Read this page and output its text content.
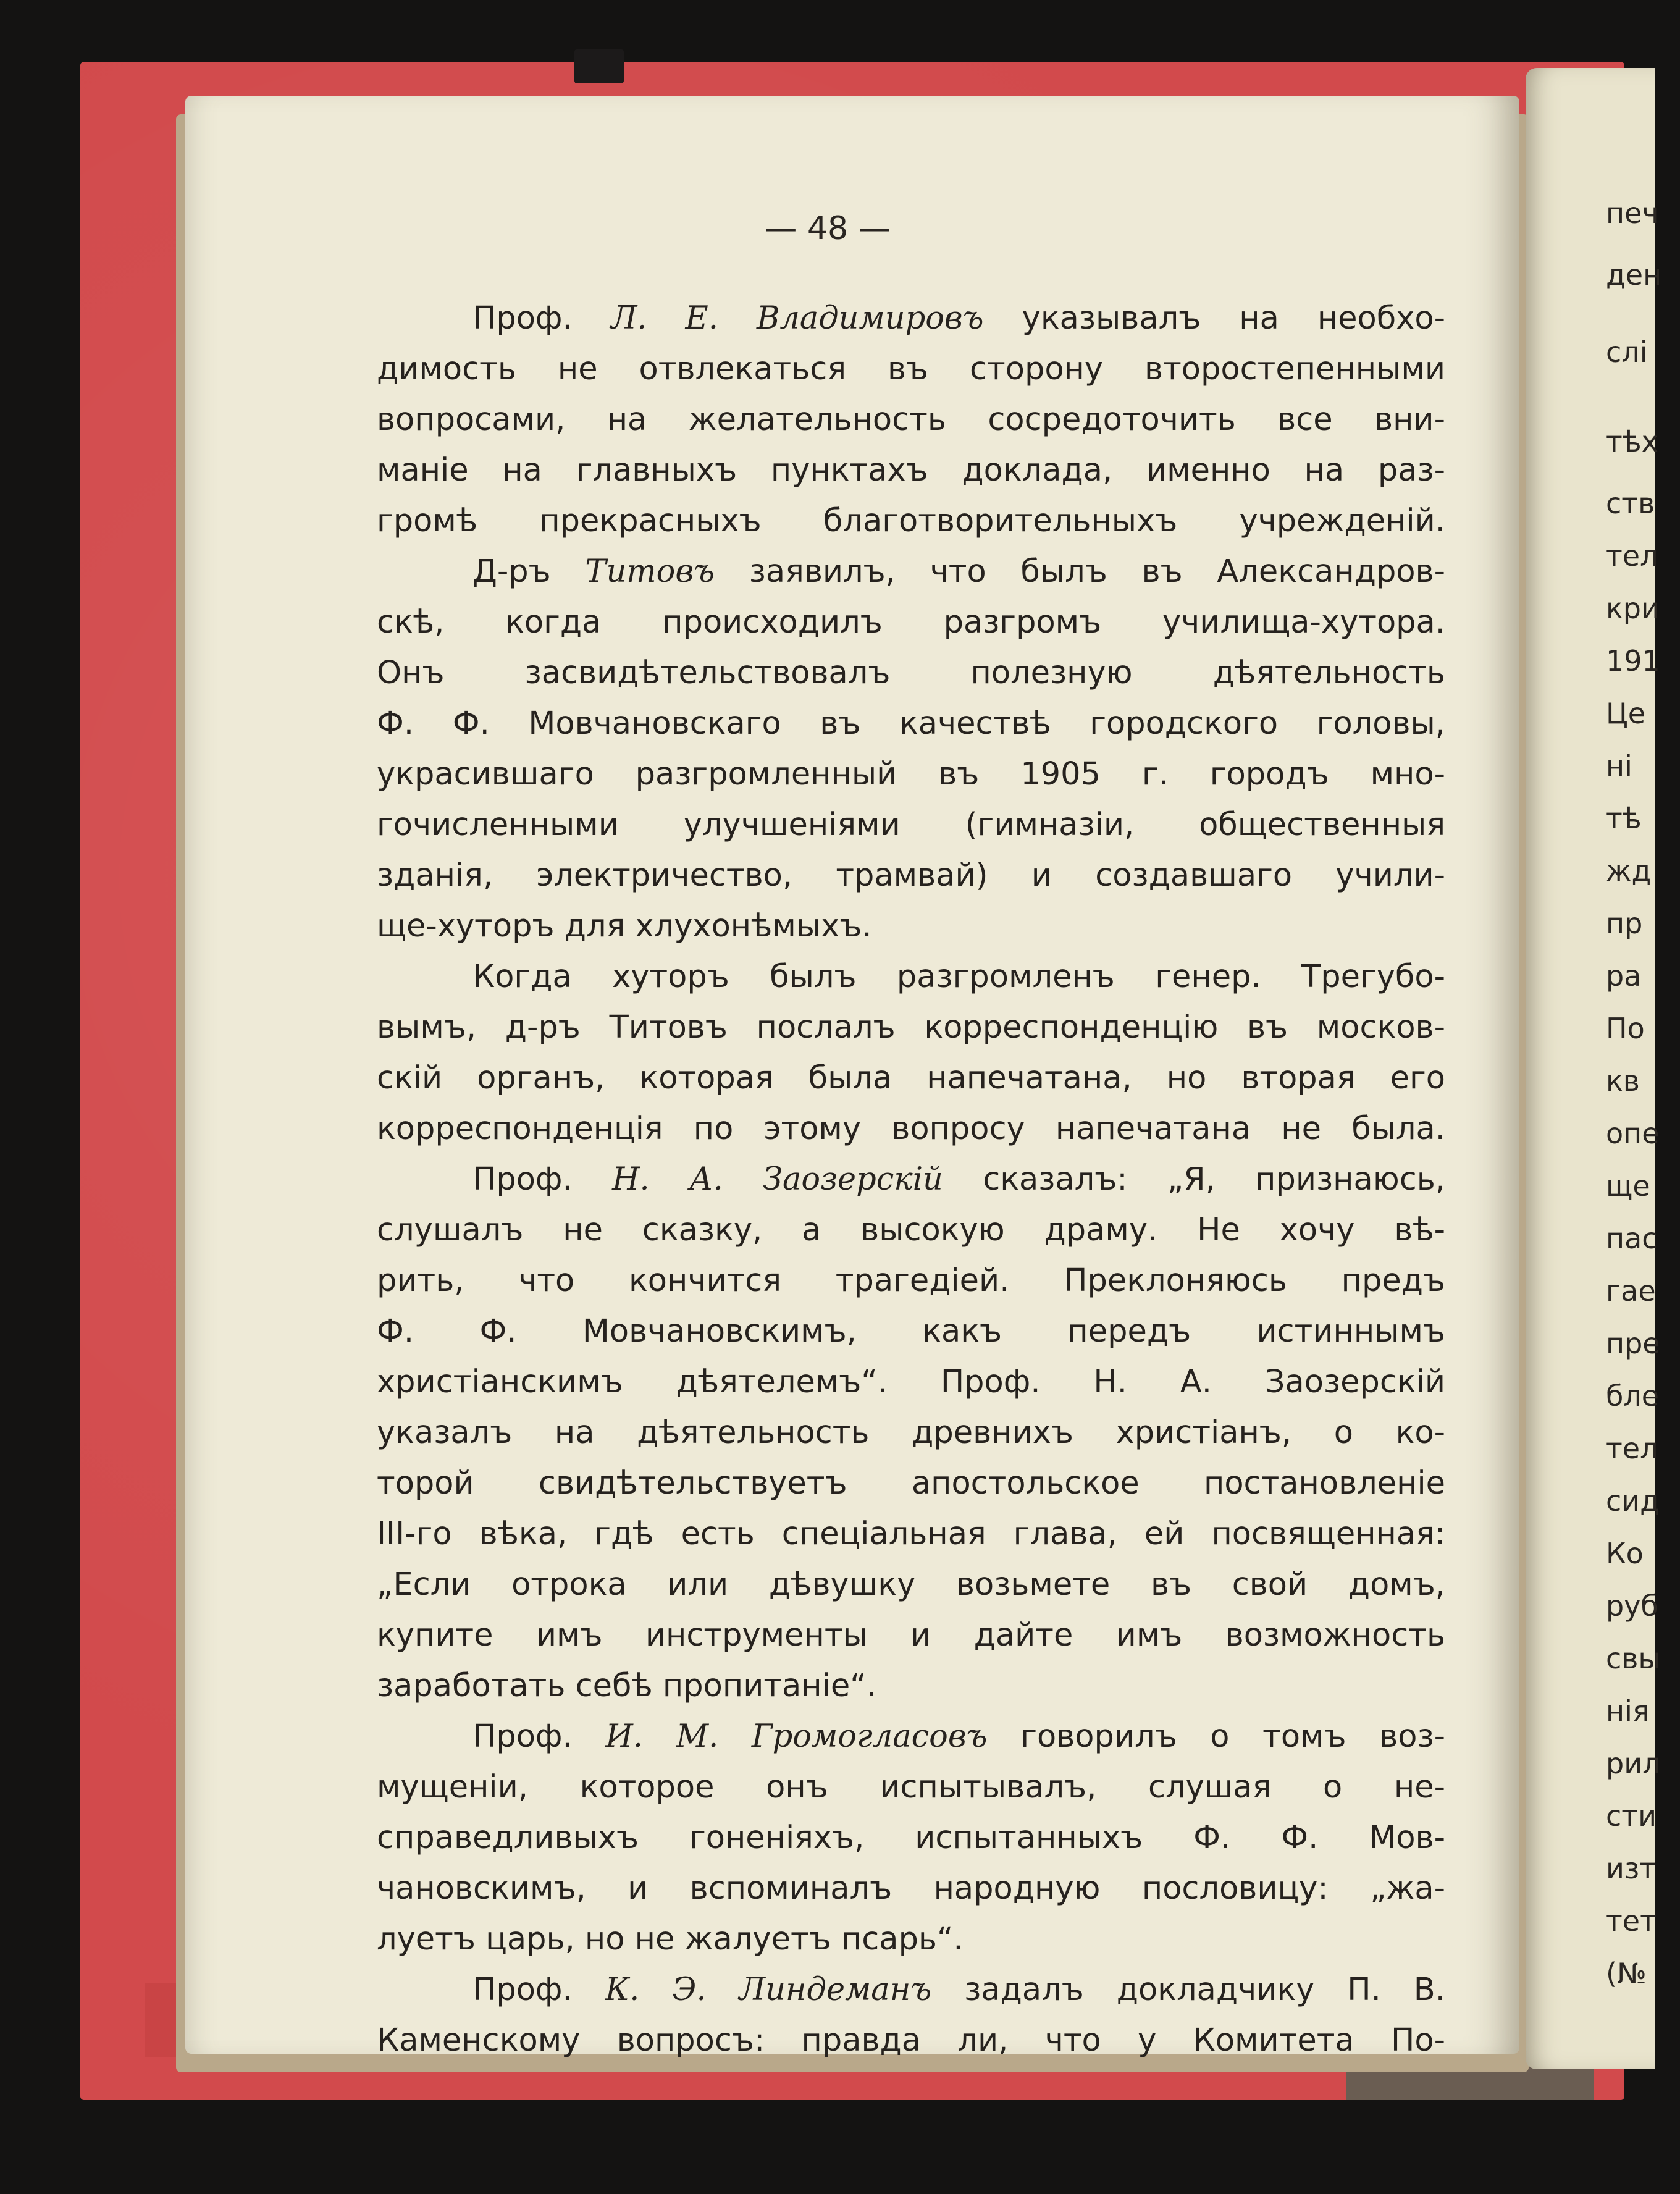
печ
ден
слі
тѣх
ств
тел
кри
191
Це
ні
тѣ
жд
пр
ра
По
кв
опе
ще
пас
гае
пре
бле
тел
сид
Ко
руб
свы
нія
рил
сти
изт
тет
(№
— 48 —
Проф. Л. Е. Владимировъ указывалъ на необхо-
димость не отвлекаться въ сторону второстепенными
вопросами, на желательность сосредоточить все вни-
маніе на главныхъ пунктахъ доклада, именно на раз-
громѣ прекрасныхъ благотворительныхъ учрежденій.
Д-ръ Титовъ заявилъ, что былъ въ Александров-
скѣ, когда происходилъ разгромъ училища-хутора.
Онъ засвидѣтельствовалъ полезную дѣятельность
Ф. Ф. Мовчановскаго въ качествѣ городского головы,
украсившаго разгромленный въ 1905 г. городъ мно-
гочисленными улучшеніями (гимназіи, общественныя
зданія, электричество, трамвай) и создавшаго учили-
ще-хуторъ для хлухонѣмыхъ.
Когда хуторъ былъ разгромленъ генер. Трегубо-
вымъ, д-ръ Титовъ послалъ корреспонденцію въ москов-
скій органъ, которая была напечатана, но вторая его
корреспонденція по этому вопросу напечатана не была.
Проф. Н. А. Заозерскій сказалъ: „Я, признаюсь,
слушалъ не сказку, а высокую драму. Не хочу вѣ-
рить, что кончится трагедіей. Преклоняюсь предъ
Ф. Ф. Мовчановскимъ, какъ передъ истиннымъ
христіанскимъ дѣятелемъ“. Проф. Н. А. Заозерскій
указалъ на дѣятельность древнихъ христіанъ, о ко-
торой свидѣтельствуетъ апостольское постановленіе
III-го вѣка, гдѣ есть спеціальная глава, ей посвященная:
„Если отрока или дѣвушку возьмете въ свой домъ,
купите имъ инструменты и дайте имъ возможность
заработать себѣ пропитаніе“.
Проф. И. М. Громогласовъ говорилъ о томъ воз-
мущеніи, которое онъ испытывалъ, слушая о не-
справедливыхъ гоненіяхъ, испытанныхъ Ф. Ф. Мов-
чановскимъ, и вспоминалъ народную пословицу: „жа-
луетъ царь, но не жалуетъ псарь“.
Проф. К. Э. Линдеманъ задалъ докладчику П. В.
Каменскому вопросъ: правда ли, что у Комитета По-
